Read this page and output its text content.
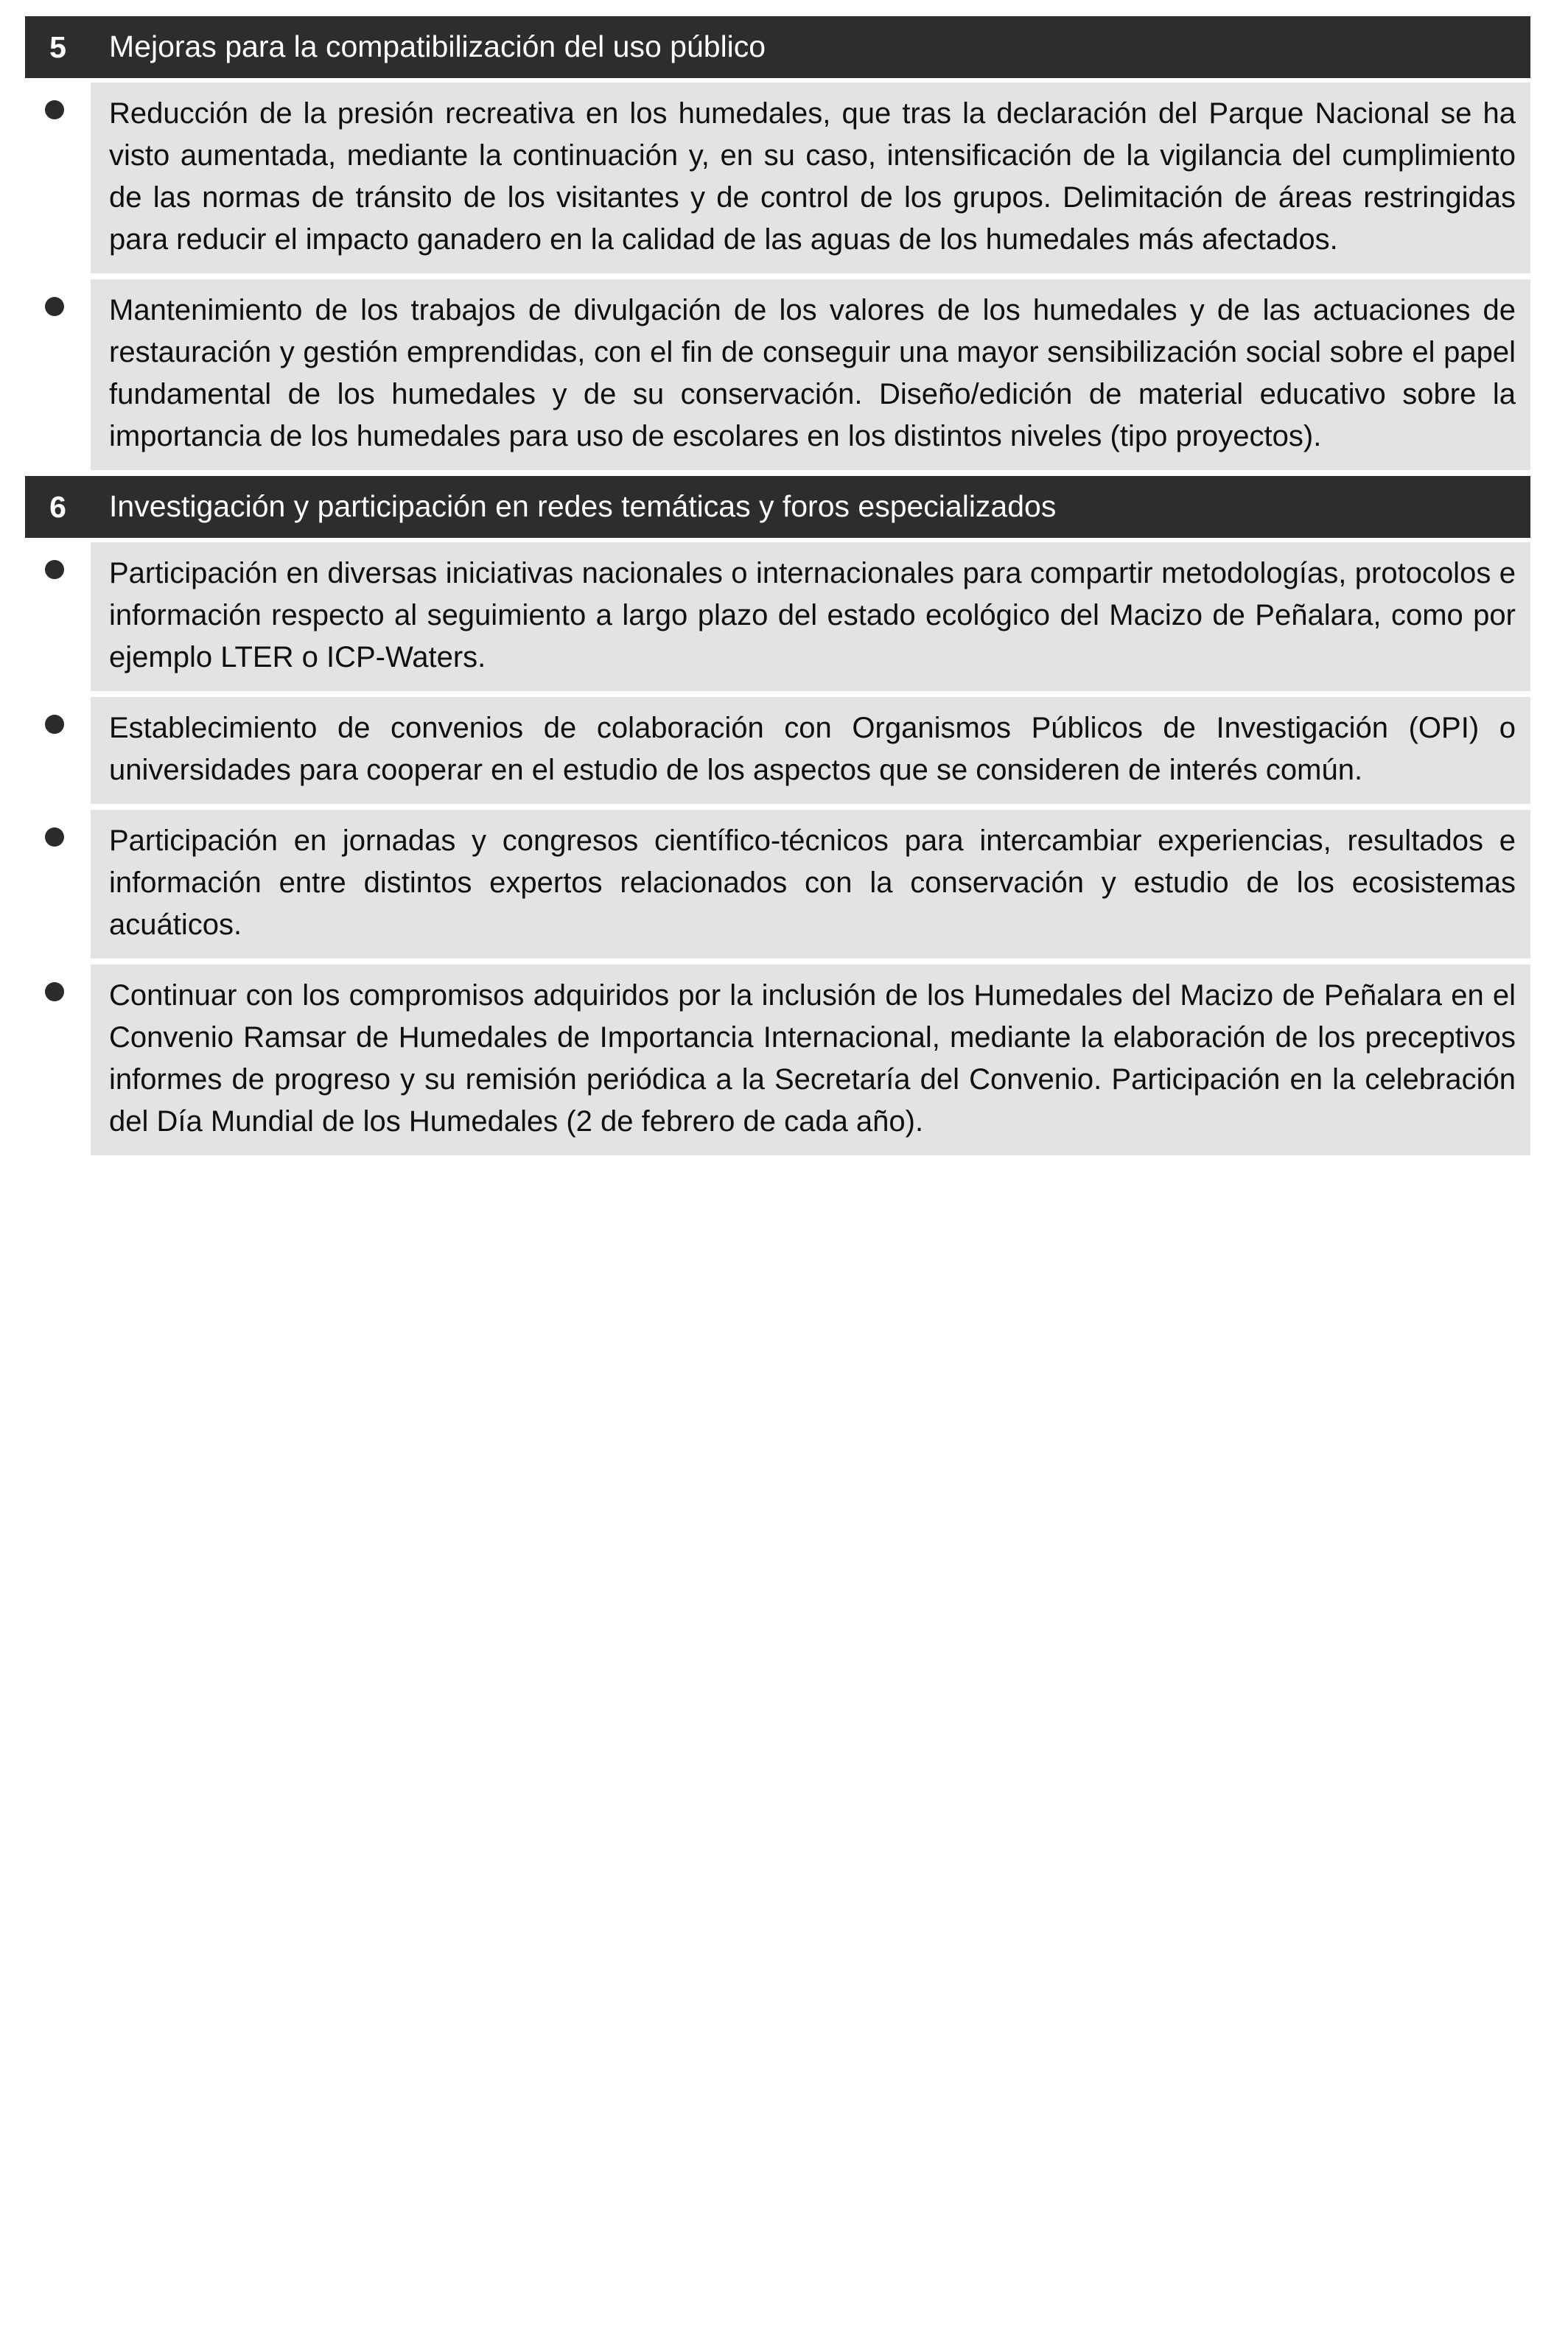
5	Mejoras para la compatibilización del uso público
Reducción de la presión recreativa en los humedales, que tras la declaración del Parque Nacional se ha visto aumentada, mediante la continuación y, en su caso, intensificación de la vigilancia del cumplimiento de las normas de tránsito de los visitantes y de control de los grupos. Delimitación de áreas restringidas para reducir el impacto ganadero en la calidad de las aguas de los humedales más afectados.
Mantenimiento de los trabajos de divulgación de los valores de los humedales y de las actuaciones de restauración y gestión emprendidas, con el fin de conseguir una mayor sensibilización social sobre el papel fundamental de los humedales y de su conservación. Diseño/edición de material educativo sobre la importancia de los humedales para uso de escolares en los distintos niveles (tipo proyectos).
6	Investigación y participación en redes temáticas y foros especializados
Participación en diversas iniciativas nacionales o internacionales para compartir metodologías, protocolos e información respecto al seguimiento a largo plazo del estado ecológico del Macizo de Peñalara, como por ejemplo LTER o ICP-Waters.
Establecimiento de convenios de colaboración con Organismos Públicos de Investigación (OPI) o universidades para cooperar en el estudio de los aspectos que se consideren de interés común.
Participación en jornadas y congresos científico-técnicos para intercambiar experiencias, resultados e información entre distintos expertos relacionados con la conservación y estudio de los ecosistemas acuáticos.
Continuar con los compromisos adquiridos por la inclusión de los Humedales del Macizo de Peñalara en el Convenio Ramsar de Humedales de Importancia Internacional, mediante la elaboración de los preceptivos informes de progreso y su remisión periódica a la Secretaría del Convenio. Participación en la celebración del Día Mundial de los Humedales (2 de febrero de cada año).
